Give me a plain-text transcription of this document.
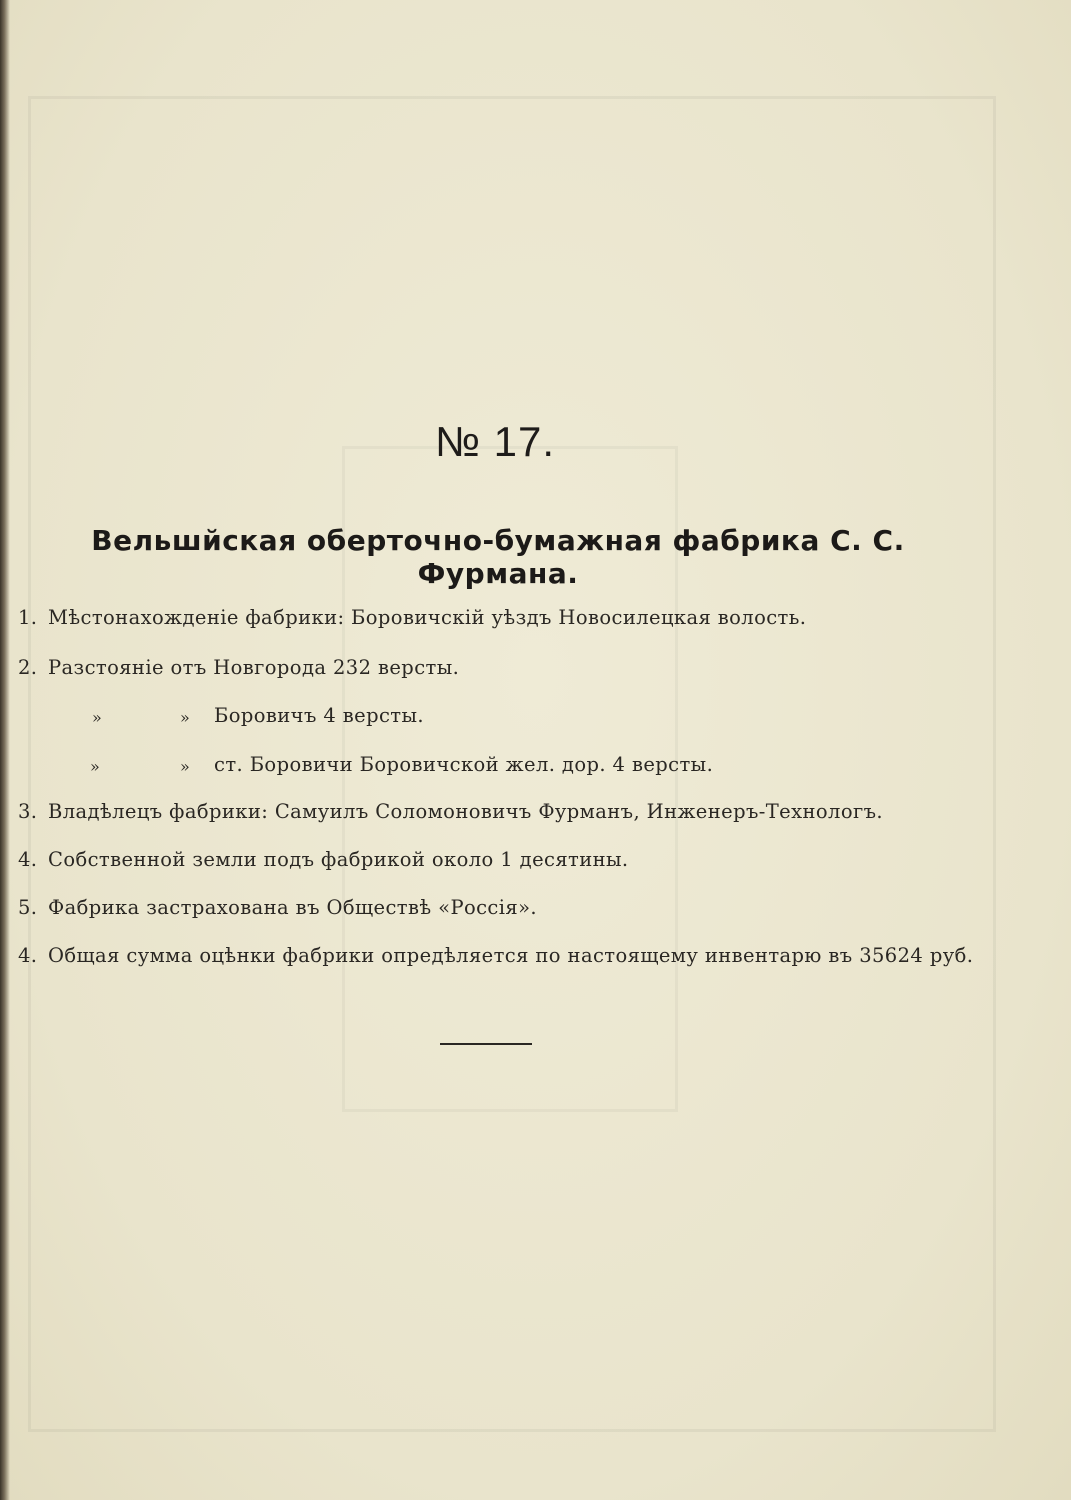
№ 17.
Вельшйская оберточно-бумажная фабрика С. С. Фурмана.
1. Мѣстонахожденіе фабрики: Боровичскій уѣздъ Новосилецкая волость.
2. Разстояніе отъ Новгорода 232 версты.
»	» Боровичъ 4 версты.
»	» ст. Боровичи Боровичской жел. дор. 4 версты.
3. Владѣлецъ фабрики: Самуилъ Соломоновичъ Фурманъ, Инженеръ-Технологъ.
4. Собственной земли подъ фабрикой около 1 десятины.
5. Фабрика застрахована въ Обществѣ «Россія».
4. Общая сумма оцѣнки фабрики опредѣляется по настоящему инвентарю въ 35624 руб.
